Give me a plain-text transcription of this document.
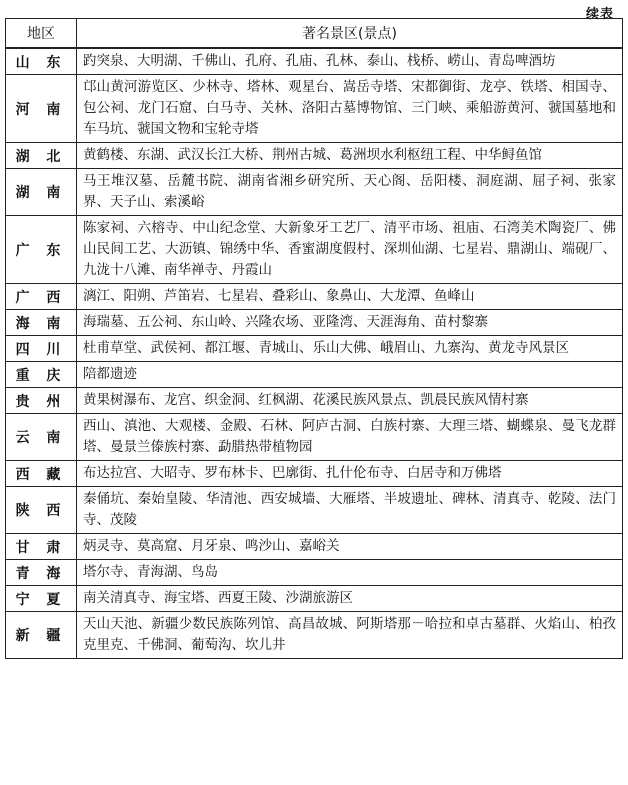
续表
地区	著名景区(景点)
山 东	趵突泉、大明湖、千佛山、孔府、孔庙、孔林、泰山、栈桥、崂山、青岛啤酒坊
河 南	邙山黄河游览区、少林寺、塔林、观星台、嵩岳寺塔、宋都御街、龙亭、铁塔、相国寺、包公祠、龙门石窟、白马寺、关林、洛阳古墓博物馆、三门峡、乘船游黄河、虢国墓地和车马坑、虢国文物和宝轮寺塔
湖 北	黄鹤楼、东湖、武汉长江大桥、荆州古城、葛洲坝水利枢纽工程、中华鲟鱼馆
湖 南	马王堆汉墓、岳麓书院、湖南省湘乡研究所、天心阁、岳阳楼、洞庭湖、屈子祠、张家界、天子山、索溪峪
广 东	陈家祠、六榕寺、中山纪念堂、大新象牙工艺厂、清平市场、祖庙、石湾美术陶瓷厂、佛山民间工艺、大沥镇、锦绣中华、香蜜湖度假村、深圳仙湖、七星岩、鼎湖山、端砚厂、九泷十八滩、南华禅寺、丹霞山
广 西	漓江、阳朔、芦笛岩、七星岩、叠彩山、象鼻山、大龙潭、鱼峰山
海 南	海瑞墓、五公祠、东山岭、兴隆农场、亚隆湾、天涯海角、苗村黎寨
四 川	杜甫草堂、武侯祠、都江堰、青城山、乐山大佛、峨眉山、九寨沟、黄龙寺风景区
重 庆	陪都遗迹
贵 州	黄果树瀑布、龙宫、织金洞、红枫湖、花溪民族风景点、凯晨民族风情村寨
云 南	西山、滇池、大观楼、金殿、石林、阿庐古洞、白族村寨、大理三塔、蝴蝶泉、曼飞龙群塔、曼景兰傣族村寨、勐腊热带植物园
西 藏	布达拉宫、大昭寺、罗布林卡、巴廓街、扎什伦布寺、白居寺和万佛塔
陕 西	秦俑坑、秦始皇陵、华清池、西安城墙、大雁塔、半坡遗址、碑林、清真寺、乾陵、法门寺、茂陵
甘 肃	炳灵寺、莫高窟、月牙泉、鸣沙山、嘉峪关
青 海	塔尔寺、青海湖、鸟岛
宁 夏	南关清真寺、海宝塔、西夏王陵、沙湖旅游区
新 疆	天山天池、新疆少数民族陈列馆、高昌故城、阿斯塔那－哈拉和卓古墓群、火焰山、柏孜克里克、千佛洞、葡萄沟、坎儿井
